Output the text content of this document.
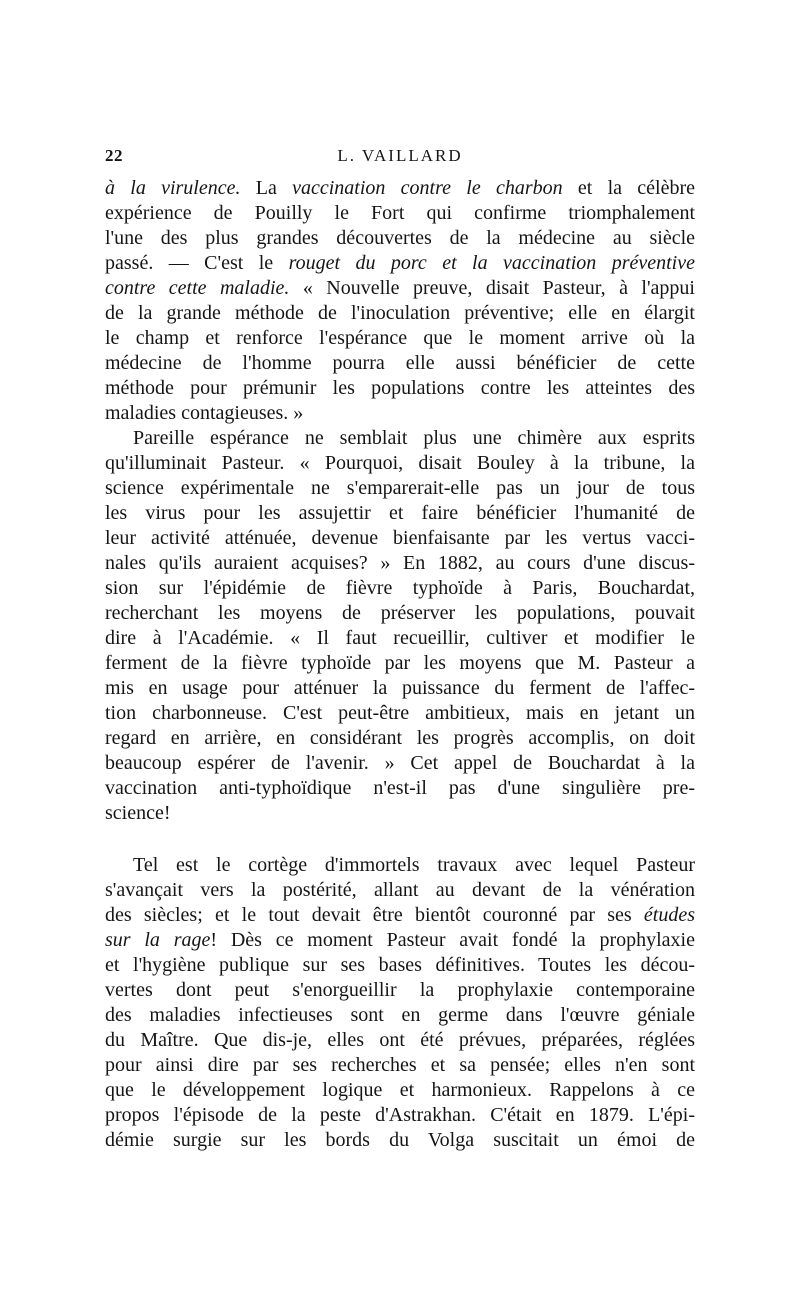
22	L. VAILLARD
à la virulence. La vaccination contre le charbon et la célèbre
expérience de Pouilly le Fort qui confirme triomphalement
l'une des plus grandes découvertes de la médecine au siècle
passé. — C'est le rouget du porc et la vaccination préventive
contre cette maladie. « Nouvelle preuve, disait Pasteur, à l'appui
de la grande méthode de l'inoculation préventive; elle en élargit
le champ et renforce l'espérance que le moment arrive où la
médecine de l'homme pourra elle aussi bénéficier de cette
méthode pour prémunir les populations contre les atteintes des
maladies contagieuses. »
Pareille espérance ne semblait plus une chimère aux esprits
qu'illuminait Pasteur. « Pourquoi, disait Bouley à la tribune, la
science expérimentale ne s'emparerait-elle pas un jour de tous
les virus pour les assujettir et faire bénéficier l'humanité de
leur activité atténuée, devenue bienfaisante par les vertus vacci-
nales qu'ils auraient acquises? » En 1882, au cours d'une discus-
sion sur l'épidémie de fièvre typhoïde à Paris, Bouchardat,
recherchant les moyens de préserver les populations, pouvait
dire à l'Académie. « Il faut recueillir, cultiver et modifier le
ferment de la fièvre typhoïde par les moyens que M. Pasteur a
mis en usage pour atténuer la puissance du ferment de l'affec-
tion charbonneuse. C'est peut-être ambitieux, mais en jetant un
regard en arrière, en considérant les progrès accomplis, on doit
beaucoup espérer de l'avenir. » Cet appel de Bouchardat à la
vaccination anti-typhoïdique n'est-il pas d'une singulière pre-
science!
Tel est le cortège d'immortels travaux avec lequel Pasteur
s'avançait vers la postérité, allant au devant de la vénération
des siècles; et le tout devait être bientôt couronné par ses études
sur la rage! Dès ce moment Pasteur avait fondé la prophylaxie
et l'hygiène publique sur ses bases définitives. Toutes les décou-
vertes dont peut s'enorgueillir la prophylaxie contemporaine
des maladies infectieuses sont en germe dans l'œuvre géniale
du Maître. Que dis-je, elles ont été prévues, préparées, réglées
pour ainsi dire par ses recherches et sa pensée; elles n'en sont
que le développement logique et harmonieux. Rappelons à ce
propos l'épisode de la peste d'Astrakhan. C'était en 1879. L'épi-
démie surgie sur les bords du Volga suscitait un émoi de
